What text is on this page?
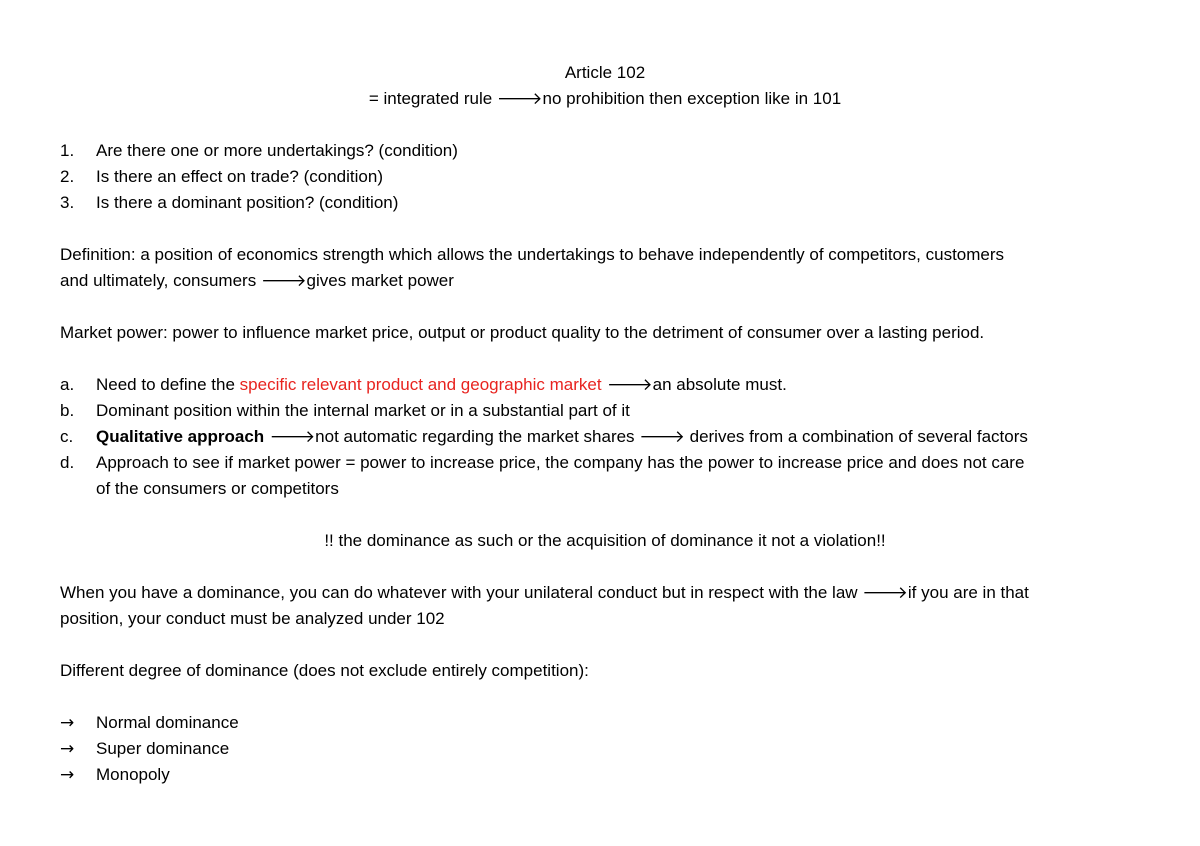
Article 102
= integrated rule 🡒no prohibition then exception like in 101
1.	Are there one or more undertakings? (condition)
2.	Is there an effect on trade? (condition)
3.	Is there a dominant position? (condition)
Definition: a position of economics strength which allows the undertakings to behave independently of competitors, customers
and ultimately, consumers 🡒gives market power
Market power: power to influence market price, output or product quality to the detriment of consumer over a lasting period.
a.	Need to define the specific relevant product and geographic market 🡒an absolute must.
b.	Dominant position within the internal market or in a substantial part of it
c.	Qualitative approach 🡒not automatic regarding the market shares 🡒 derives from a combination of several factors
d.	Approach to see if market power = power to increase price, the company has the power to increase price and does not care
of the consumers or competitors
!! the dominance as such or the acquisition of dominance it not a violation!!
When you have a dominance, you can do whatever with your unilateral conduct but in respect with the law 🡒if you are in that
position, your conduct must be analyzed under 102
Different degree of dominance (does not exclude entirely competition):
→	Normal dominance
→	Super dominance
→	Monopoly
